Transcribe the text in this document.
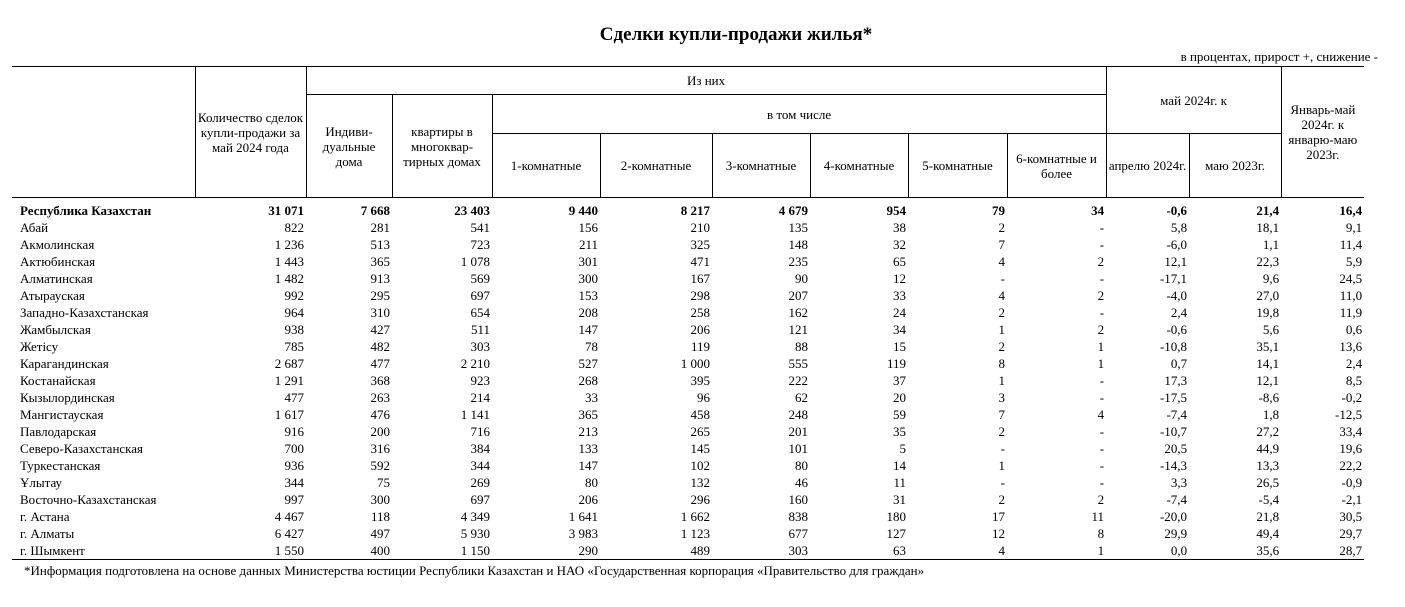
Сделки купли-продажи жилья*
в процентах, прирост +, снижение -
	Количество сделок купли-продажи за май 2024 года	Из них								май 2024г. к		Январь-май 2024г. к январю-маю 2023г.
		Индиви-дуальные дома	квартиры в многоквар-тирных домах	в том числе								
				1-комнатные	2-комнатные	3-комнатные	4-комнатные	5-комнатные	6-комнатные и более	апрелю 2024г.	маю 2023г.	
Республика Казахстан	31 071	7 668	23 403	9 440	8 217	4 679	954	79	34	-0,6	21,4	16,4
Абай	822	281	541	156	210	135	38	2	-	5,8	18,1	9,1
Акмолинская	1 236	513	723	211	325	148	32	7	-	-6,0	1,1	11,4
Актюбинская	1 443	365	1 078	301	471	235	65	4	2	12,1	22,3	5,9
Алматинская	1 482	913	569	300	167	90	12	-	-	-17,1	9,6	24,5
Атырауская	992	295	697	153	298	207	33	4	2	-4,0	27,0	11,0
Западно-Казахстанская	964	310	654	208	258	162	24	2	-	2,4	19,8	11,9
Жамбылская	938	427	511	147	206	121	34	1	2	-0,6	5,6	0,6
Жетісу	785	482	303	78	119	88	15	2	1	-10,8	35,1	13,6
Карагандинская	2 687	477	2 210	527	1 000	555	119	8	1	0,7	14,1	2,4
Костанайская	1 291	368	923	268	395	222	37	1	-	17,3	12,1	8,5
Кызылординская	477	263	214	33	96	62	20	3	-	-17,5	-8,6	-0,2
Мангистауская	1 617	476	1 141	365	458	248	59	7	4	-7,4	1,8	-12,5
Павлодарская	916	200	716	213	265	201	35	2	-	-10,7	27,2	33,4
Северо-Казахстанская	700	316	384	133	145	101	5	-	-	20,5	44,9	19,6
Туркестанская	936	592	344	147	102	80	14	1	-	-14,3	13,3	22,2
Ұлытау	344	75	269	80	132	46	11	-	-	3,3	26,5	-0,9
Восточно-Казахстанская	997	300	697	206	296	160	31	2	2	-7,4	-5,4	-2,1
г. Астана	4 467	118	4 349	1 641	1 662	838	180	17	11	-20,0	21,8	30,5
г. Алматы	6 427	497	5 930	3 983	1 123	677	127	12	8	29,9	49,4	29,7
г. Шымкент	1 550	400	1 150	290	489	303	63	4	1	0,0	35,6	28,7
*Информация подготовлена на основе данных Министерства юстиции Республики Казахстан и НАО «Государственная корпорация «Правительство для граждан»
